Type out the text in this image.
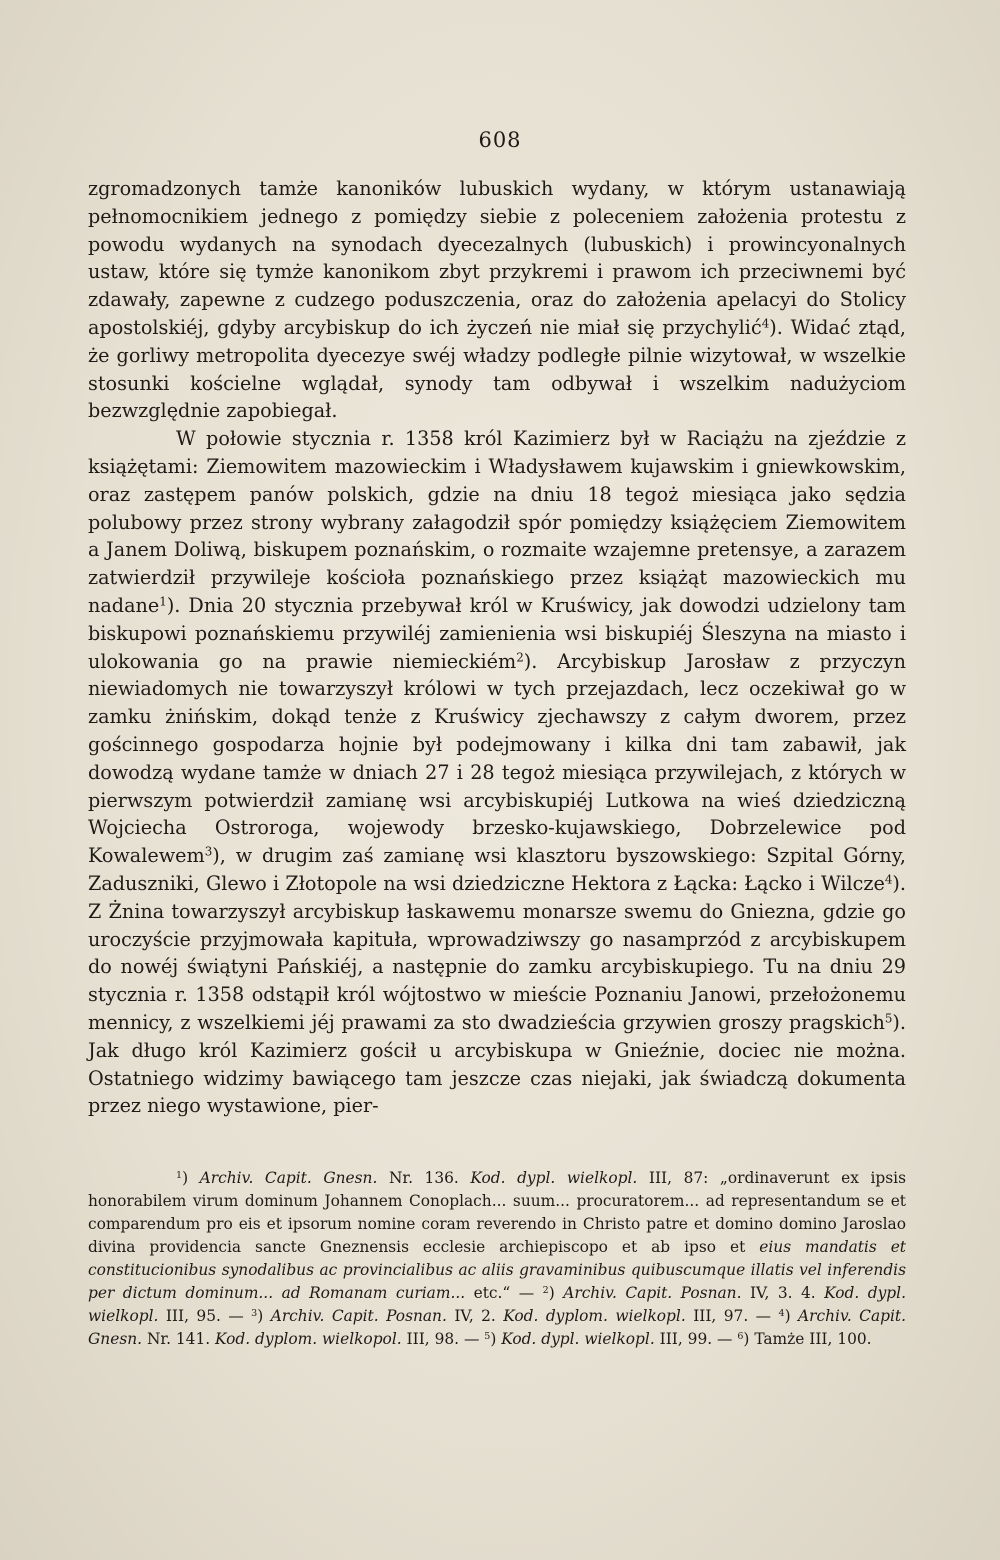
608

zgromadzonych tamże kanoników lubuskich wydany, w którym ustanawiają pełnomocnikiem jednego z pomiędzy siebie z poleceniem założenia protestu z powodu wydanych na synodach dyecezalnych (lubuskich) i prowincyonalnych ustaw, które się tymże kanonikom zbyt przykremi i prawom ich przeciwnemi być zdawały, zapewne z cudzego poduszczenia, oraz do założenia apelacyi do Stolicy apostolskiéj, gdyby arcybiskup do ich życzeń nie miał się przychylić$^4$). Widać ztąd, że gorliwy metropolita dyecezye swéj władzy podległe pilnie wizytował, w wszelkie stosunki kościelne wglądał, synody tam odbywał i wszelkim nadużyciom bezwzględnie zapobiegał.

W połowie stycznia r. 1358 król Kazimierz był w Raciążu na zjeździe z książętami: Ziemowitem mazowieckim i Władysławem kujawskim i gniewkowskim, oraz zastępem panów polskich, gdzie na dniu 18 tegoż miesiąca jako sędzia polubowy przez strony wybrany załagodził spór pomiędzy książęciem Ziemowitem a Janem Doliwą, biskupem poznańskim, o rozmaite wzajemne pretensye, a zarazem zatwierdził przywileje kościoła poznańskiego przez książąt mazowieckich mu nadane$^1$). Dnia 20 stycznia przebywał król w Kruświcy, jak dowodzi udzielony tam biskupowi poznańskiemu przywiléj zamienienia wsi biskupiéj Śleszyna na miasto i ulokowania go na prawie niemieckiém$^2$). Arcybiskup Jarosław z przyczyn niewiadomych nie towarzyszył królowi w tych przejazdach, lecz oczekiwał go w zamku żnińskim, dokąd tenże z Kruświcy zjechawszy z całym dworem, przez gościnnego gospodarza hojnie był podejmowany i kilka dni tam zabawił, jak dowodzą wydane tamże w dniach 27 i 28 tegoż miesiąca przywilejach, z których w pierwszym potwierdził zamianę wsi arcybiskupiéj Lutkowa na wieś dziedziczną Wojciecha Ostroroga, wojewody brzesko-kujawskiego, Dobrzelewice pod Kowalewem$^3$), w drugim zaś zamianę wsi klasztoru byszowskiego: Szpital Górny, Zaduszniki, Glewo i Złotopole na wsi dziedziczne Hektora z Łącka: Łącko i Wilcze$^4$). Z Żnina towarzyszył arcybiskup łaskawemu monarsze swemu do Gniezna, gdzie go uroczyście przyjmowała kapituła, wprowadziwszy go nasamprzód z arcybiskupem do nowéj świątyni Pańskiéj, a następnie do zamku arcybiskupiego. Tu na dniu 29 stycznia r. 1358 odstąpił król wójtostwo w mieście Poznaniu Janowi, przełożonemu mennicy, z wszelkiemi jéj prawami za sto dwadzieścia grzywien groszy pragskich$^5$). Jak długo król Kazimierz gościł u arcybiskupa w Gnieźnie, dociec nie można. Ostatniego widzimy bawiącego tam jeszcze czas niejaki, jak świadczą dokumenta przez niego wystawione, pier-

$^1$) Archiv. Capit. Gnesn. Nr. 136. Kod. dypl. wielkopl. III, 87: „ordinaverunt ex ipsis honorabilem virum dominum Johannem Conoplach... suum... procuratorem... ad representandum se et comparendum pro eis et ipsorum nomine coram reverendo in Christo patre et domino domino Jaroslao divina providencia sancte Gneznensis ecclesie archiepiscopo et ab ipso et eius mandatis et constitucionibus synodalibus ac provincialibus ac aliis gravaminibus quibuscumque illatis vel inferendis per dictum dominum... ad Romanam curiam... etc.“ — $^2$) Archiv. Capit. Posnan. IV, 3. 4. Kod. dypl. wielkopl. III, 95. — $^3$) Archiv. Capit. Posnan. IV, 2. Kod. dyplom. wielkopl. III, 97. — $^4$) Archiv. Capit. Gnesn. Nr. 141. Kod. dyplom. wielkopol. III, 98. — $^5$) Kod. dypl. wielkopl. III, 99. — $^6$) Tamże III, 100.
